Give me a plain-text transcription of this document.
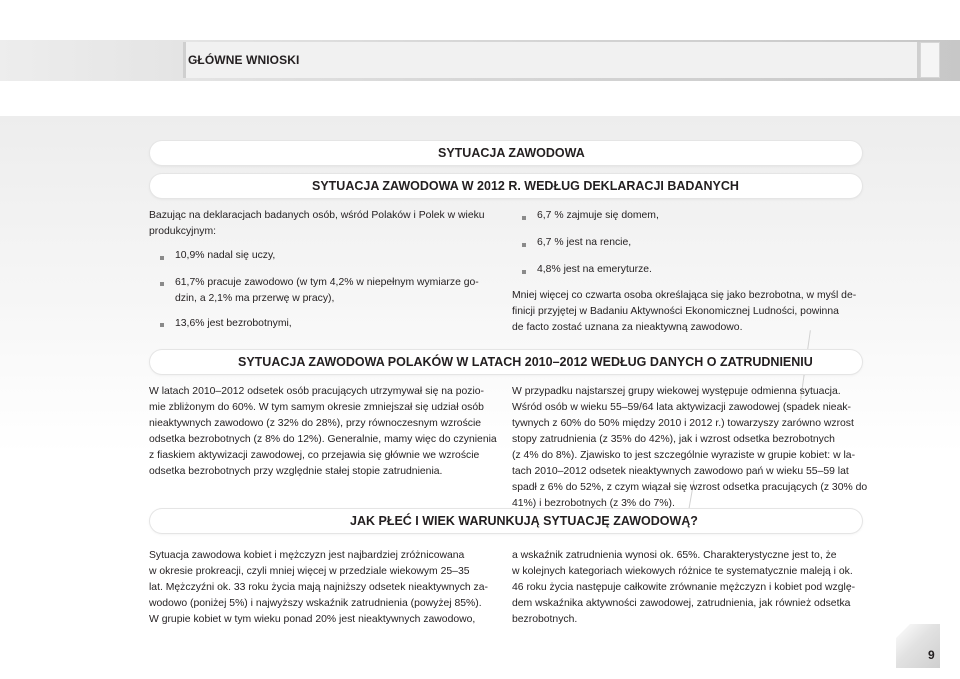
GŁÓWNE WNIOSKI
SYTUACJA ZAWODOWA
SYTUACJA ZAWODOWA W 2012 R. WEDŁUG DEKLARACJI BADANYCH
Bazując na deklaracjach badanych osób, wśród Polaków i Polek w wieku
produkcyjnym:
10,9% nadal się uczy,
61,7% pracuje zawodowo (w tym 4,2% w niepełnym wymiarze go-
dzin, a 2,1% ma przerwę w pracy),
13,6% jest bezrobotnymi,
6,7 % zajmuje się domem,
6,7 % jest na rencie,
4,8% jest na emeryturze.
Mniej więcej co czwarta osoba określająca się jako bezrobotna, w myśl de-
finicji przyjętej w Badaniu Aktywności Ekonomicznej Ludności, powinna
de facto zostać uznana za nieaktywną zawodowo.
SYTUACJA ZAWODOWA POLAKÓW W LATACH 2010–2012 WEDŁUG DANYCH O ZATRUDNIENIU
W latach 2010–2012 odsetek osób pracujących utrzymywał się na pozio-
mie zbliżonym do 60%. W tym samym okresie zmniejszał się udział osób
nieaktywnych zawodowo (z 32% do 28%), przy równoczesnym wzroście
odsetka bezrobotnych (z 8% do 12%). Generalnie, mamy więc do czynienia
z fiaskiem aktywizacji zawodowej, co przejawia się głównie we wzroście
odsetka bezrobotnych przy względnie stałej stopie zatrudnienia.
W przypadku najstarszej grupy wiekowej występuje odmienna sytuacja.
Wśród osób w wieku 55–59/64 lata aktywizacji zawodowej (spadek nieak-
tywnych z 60% do 50% między 2010 i 2012 r.) towarzyszy zarówno wzrost
stopy zatrudnienia (z 35% do 42%), jak i wzrost odsetka bezrobotnych
(z 4% do 8%). Zjawisko to jest szczególnie wyraziste w grupie kobiet: w la-
tach 2010–2012 odsetek nieaktywnych zawodowo pań w wieku 55–59 lat
spadł z 6% do 52%, z czym wiązał się wzrost odsetka pracujących (z 30% do
41%) i bezrobotnych (z 3% do 7%).
JAK PŁEĆ I WIEK WARUNKUJĄ SYTUACJĘ ZAWODOWĄ?
Sytuacja zawodowa kobiet i mężczyzn jest najbardziej zróżnicowana
w okresie prokreacji, czyli mniej więcej w przedziale wiekowym 25–35
lat. Mężczyźni ok. 33 roku życia mają najniższy odsetek nieaktywnych za-
wodowo (poniżej 5%) i najwyższy wskaźnik zatrudnienia (powyżej 85%).
W grupie kobiet w tym wieku ponad 20% jest nieaktywnych zawodowo,
a wskaźnik zatrudnienia wynosi ok. 65%. Charakterystyczne jest to, że
w kolejnych kategoriach wiekowych różnice te systematycznie maleją i ok.
46 roku życia następuje całkowite zrównanie mężczyzn i kobiet pod wzglę-
dem wskaźnika aktywności zawodowej, zatrudnienia, jak również odsetka
bezrobotnych.
9
